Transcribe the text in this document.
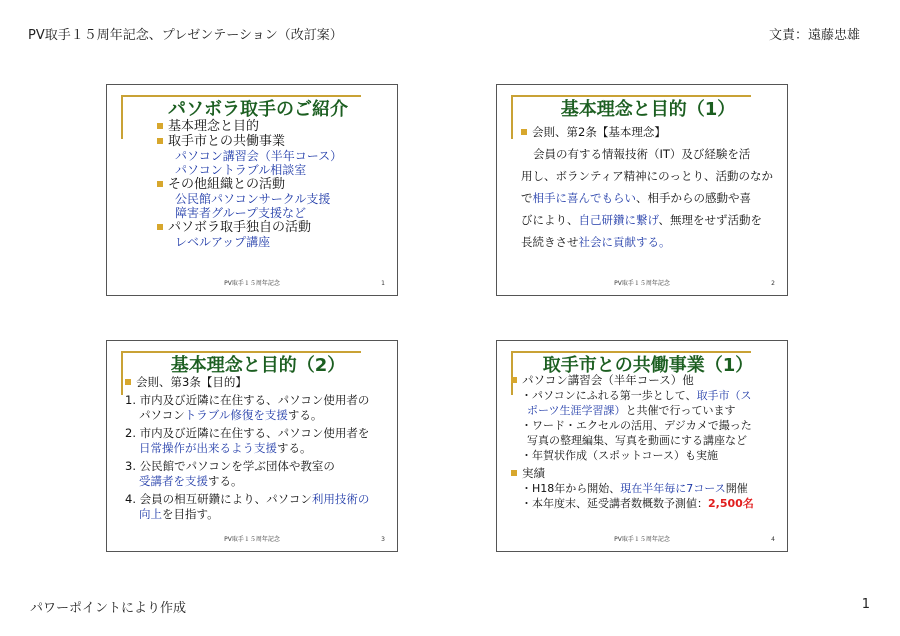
PV取手１５周年記念、プレゼンテーション（改訂案）	文責：遠藤忠雄
パソボラ取手のご紹介
基本理念と目的
取手市との共働事業
パソコン講習会（半年コース）
パソコントラブル相談室
その他組織との活動
公民館パソコンサークル支援
障害者グループ支援など
パソボラ取手独自の活動
レベルアップ講座
PV取手１５周年記念	1
基本理念と目的（1）

会則、第2条【基本理念】

会員の有する情報技術（IT）及び経験を活

用し、ボランティア精神にのっとり、活動のなか

で相手に喜んでもらい、相手からの感動や喜

びにより、自己研鑽に繋げ、無理をせず活動を

長続きさせ社会に貢献する。

PV取手１５周年記念	2
基本理念と目的（2）
会則、第3条【目的】
1. 市内及び近隣に在住する、パソコン使用者の
パソコントラブル修復を支援する。
2. 市内及び近隣に在住する、パソコン使用者を
日常操作が出来るよう支援する。
3. 公民館でパソコンを学ぶ団体や教室の
受講者を支援する。
4. 会員の相互研鑽により、パソコン利用技術の
向上を目指す。
PV取手１５周年記念	3
取手市との共働事業（1）
パソコン講習会（半年コース）他
・パソコンにふれる第一歩として、取手市（ス
ポーツ生涯学習課）と共催で行っています
・ワード・エクセルの活用、デジカメで撮った
写真の整理編集、写真を動画にする講座など
・年賀状作成（スポットコース）も実施
実績
・H18年から開始、現在半年毎に7コース開催
・本年度末、延受講者数概数予測値：2,500名
PV取手１５周年記念	4
パワーポイントにより作成	1
